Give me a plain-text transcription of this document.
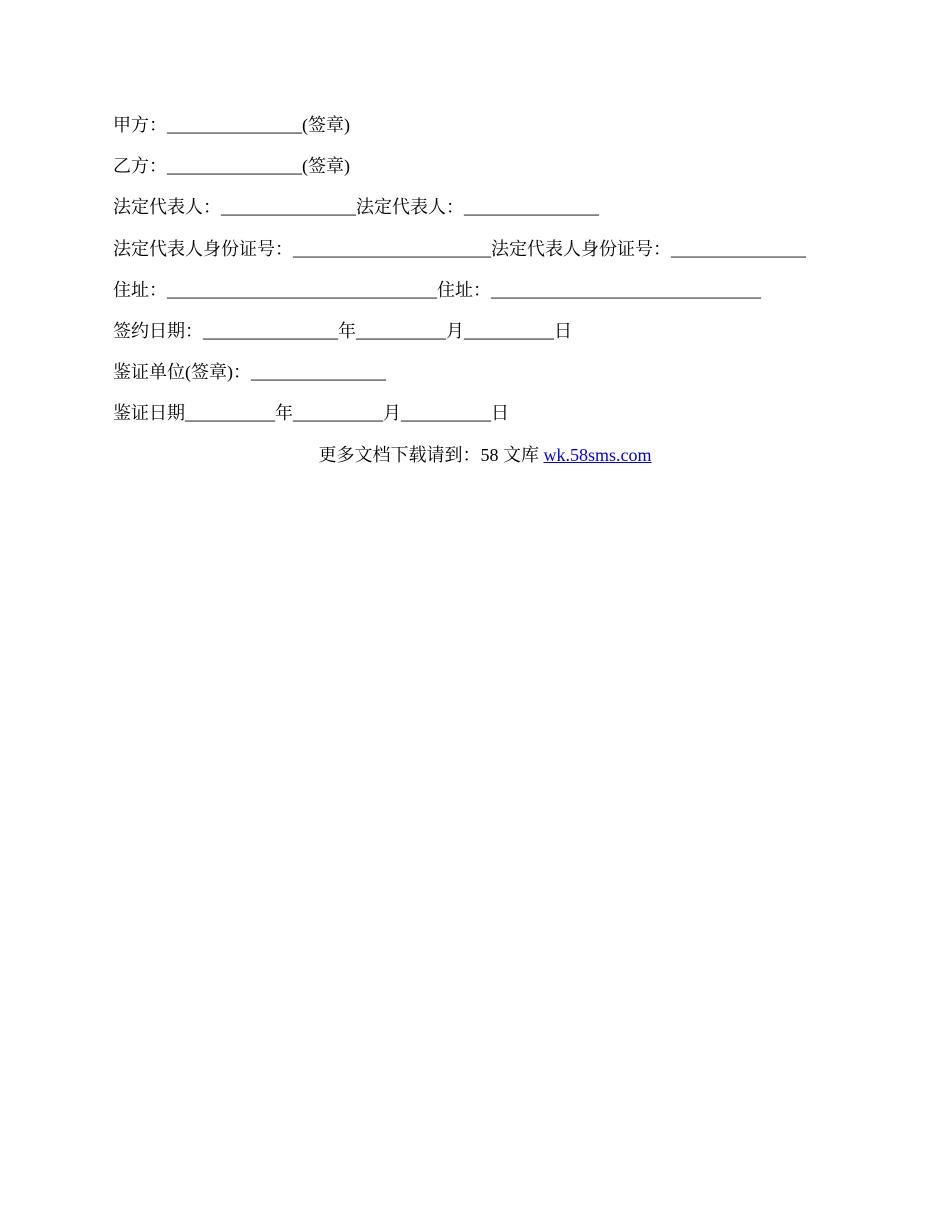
甲方：_______________(签章)
乙方：_______________(签章)
法定代表人：_______________法定代表人：_______________
法定代表人身份证号：______________________法定代表人身份证号：_______________
住址：______________________________住址：______________________________
签约日期：_______________年__________月__________日
鉴证单位(签章)：_______________
鉴证日期__________年__________月__________日
更多文档下载请到：58 文库 wk.58sms.com
